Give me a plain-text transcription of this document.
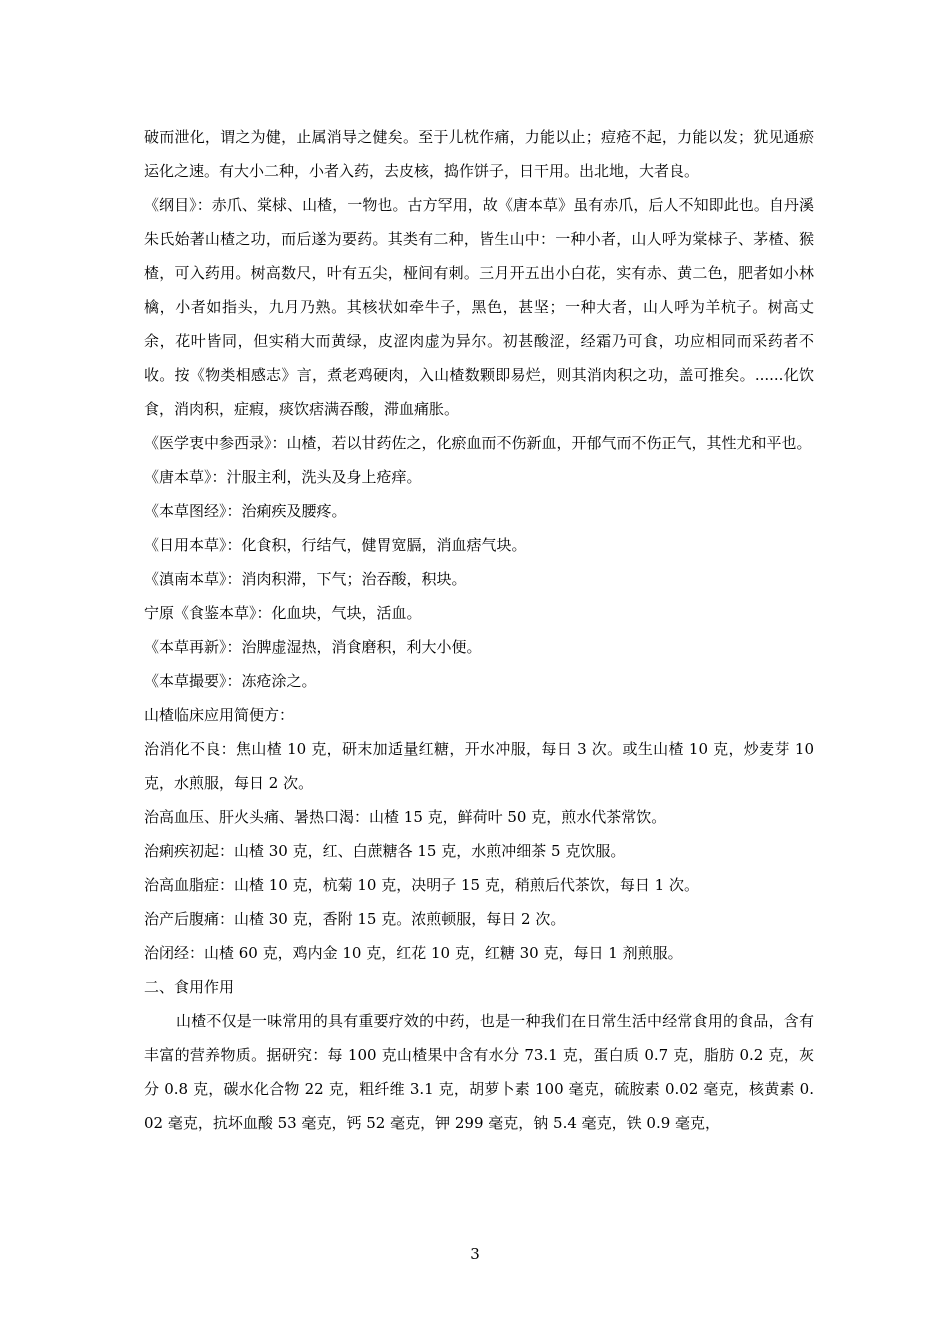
破而泄化，谓之为健，止属消导之健矣。至于儿枕作痛，力能以止；痘疮不起，力能以发；犹见通瘀运化之速。有大小二种，小者入药，去皮核，捣作饼子，日干用。出北地，大者良。

《纲目》：赤爪、棠梂、山楂，一物也。古方罕用，故《唐本草》虽有赤爪，后人不知即此也。自丹溪朱氏始著山楂之功，而后遂为要药。其类有二种，皆生山中：一种小者，山人呼为棠梂子、茅楂、猴楂，可入药用。树高数尺，叶有五尖，桠间有刺。三月开五出小白花，实有赤、黄二色，肥者如小林檎，小者如指头，九月乃熟。其核状如牵牛子，黑色，甚坚；一种大者，山人呼为羊杭子。树高丈余，花叶皆同，但实稍大而黄绿，皮涩肉虚为异尔。初甚酸涩，经霜乃可食，功应相同而采药者不收。按《物类相感志》言，煮老鸡硬肉，入山楂数颗即易烂，则其消肉积之功，盖可推矣。......化饮食，消肉积，症瘕，痰饮痞满吞酸，滞血痛胀。

《医学衷中参西录》：山楂，若以甘药佐之，化瘀血而不伤新血，开郁气而不伤正气，其性尤和平也。

《唐本草》：汁服主利，洗头及身上疮痒。

《本草图经》：治痢疾及腰疼。

《日用本草》：化食积，行结气，健胃宽膈，消血痞气块。

《滇南本草》：消肉积滞，下气；治吞酸，积块。

宁原《食鉴本草》：化血块，气块，活血。

《本草再新》：治脾虚湿热，消食磨积，利大小便。

《本草撮要》：冻疮涂之。

山楂临床应用简便方：

治消化不良：焦山楂 10 克，研末加适量红糖，开水冲服，每日 3 次。或生山楂 10 克，炒麦芽 10 克，水煎服，每日 2 次。

治高血压、肝火头痛、暑热口渴：山楂 15 克，鲜荷叶 50 克，煎水代茶常饮。

治痢疾初起：山楂 30 克，红、白蔗糖各 15 克，水煎冲细茶 5 克饮服。

治高血脂症：山楂 10 克，杭菊 10 克，决明子 15 克，稍煎后代茶饮，每日 1 次。

治产后腹痛：山楂 30 克，香附 15 克。浓煎顿服，每日 2 次。

治闭经：山楂 60 克，鸡内金 10 克，红花 10 克，红糖 30 克，每日 1 剂煎服。

二、食用作用

山楂不仅是一味常用的具有重要疗效的中药，也是一种我们在日常生活中经常食用的食品，含有丰富的营养物质。据研究：每 100 克山楂果中含有水分 73.1 克，蛋白质 0.7 克，脂肪 0.2 克，灰分 0.8 克，碳水化合物 22 克，粗纤维 3.1 克，胡萝卜素 100 毫克，硫胺素 0.02 毫克，核黄素 0.02 毫克，抗坏血酸 53 毫克，钙 52 毫克，钾 299 毫克，钠 5.4 毫克，铁 0.9 毫克，

3
